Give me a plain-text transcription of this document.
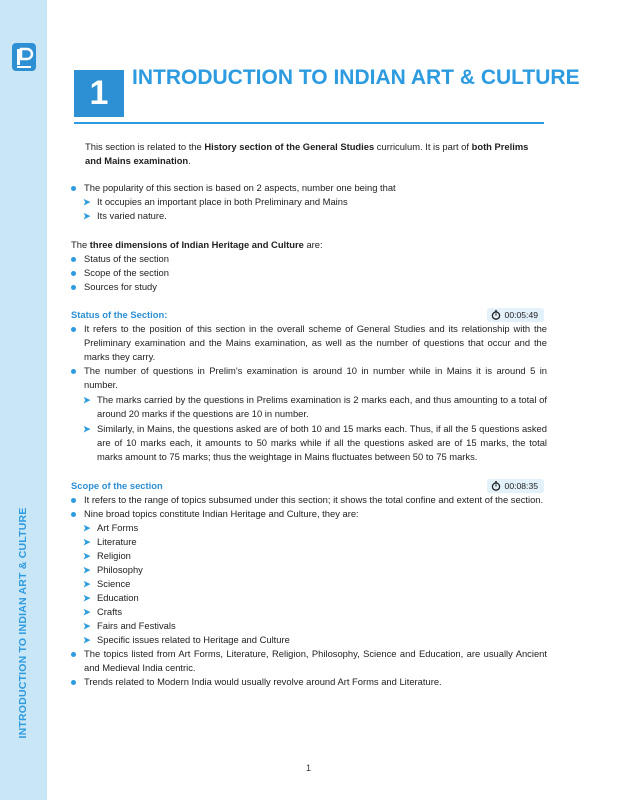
INTRODUCTION TO INDIAN ART & CULTURE
1	INTRODUCTION TO INDIAN ART & CULTURE
This section is related to the History section of the General Studies curriculum. It is part of both Prelims and Mains examination.
The popularity of this section is based on 2 aspects, number one being that
➤ It occupies an important place in both Preliminary and Mains
➤ Its varied nature.
The three dimensions of Indian Heritage and Culture are:
Status of the section
Scope of the section
Sources for study
Status of the Section:	00:05:49
It refers to the position of this section in the overall scheme of General Studies and its relationship with the Preliminary examination and the Mains examination, as well as the number of questions that occur and the marks they carry.
The number of questions in Prelim's examination is around 10 in number while in Mains it is around 5 in number.
➤ The marks carried by the questions in Prelims examination is 2 marks each, and thus amounting to a total of around 20 marks if the questions are 10 in number.
➤ Similarly, in Mains, the questions asked are of both 10 and 15 marks each. Thus, if all the 5 questions asked are of 10 marks each, it amounts to 50 marks while if all the questions asked are of 15 marks, the total marks amount to 75 marks; thus the weightage in Mains fluctuates between 50 to 75 marks.
Scope of the section	00:08:35
It refers to the range of topics subsumed under this section; it shows the total confine and extent of the section.
Nine broad topics constitute Indian Heritage and Culture, they are:
➤ Art Forms
➤ Literature
➤ Religion
➤ Philosophy
➤ Science
➤ Education
➤ Crafts
➤ Fairs and Festivals
➤ Specific issues related to Heritage and Culture
The topics listed from Art Forms, Literature, Religion, Philosophy, Science and Education, are usually Ancient and Medieval India centric.
Trends related to Modern India would usually revolve around Art Forms and Literature.
1
